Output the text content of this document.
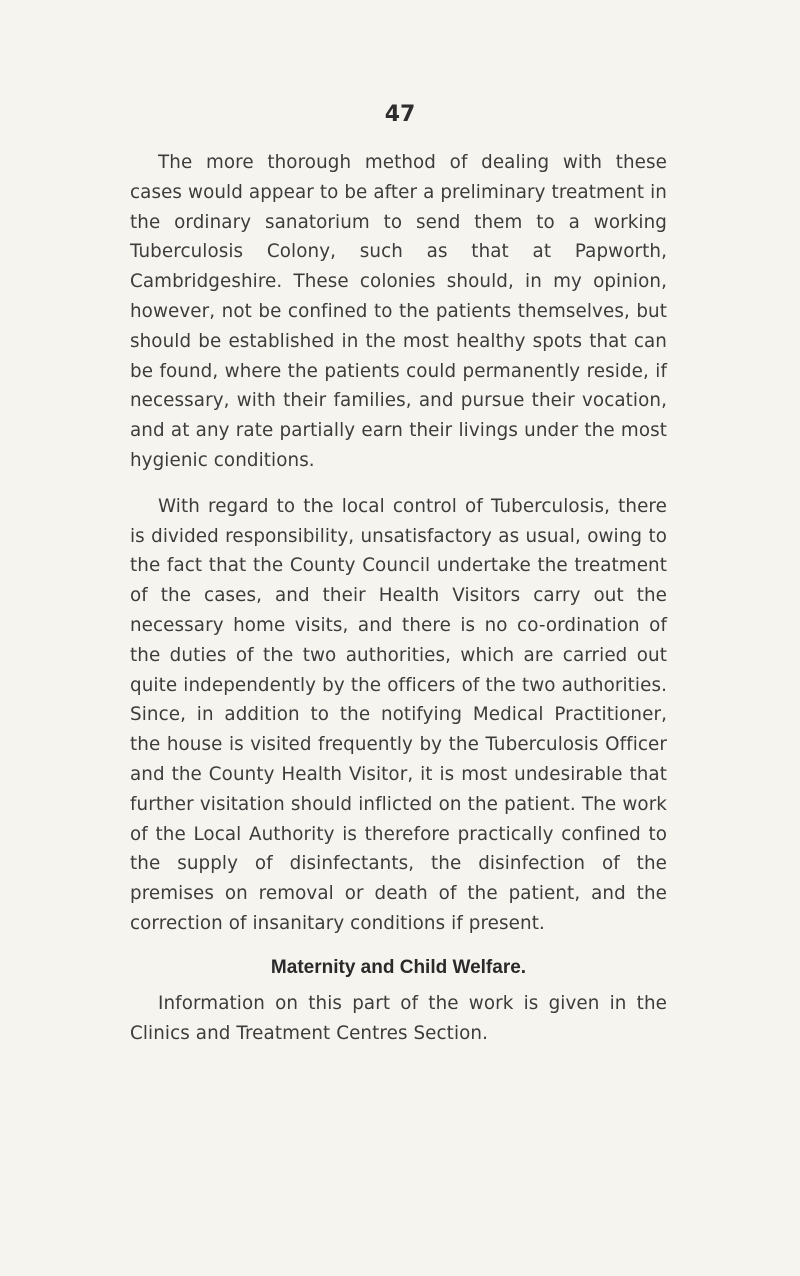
47

The more thorough method of dealing with these cases would appear to be after a preliminary treatment in the ordinary sanatorium to send them to a working Tuberculosis Colony, such as that at Papworth, Cambridgeshire. These colonies should, in my opinion, however, not be confined to the patients themselves, but should be established in the most healthy spots that can be found, where the patients could permanently reside, if necessary, with their families, and pursue their vocation, and at any rate partially earn their livings under the most hygienic conditions.

With regard to the local control of Tuberculosis, there is divided responsibility, unsatisfactory as usual, owing to the fact that the County Council undertake the treatment of the cases, and their Health Visitors carry out the necessary home visits, and there is no co-ordination of the duties of the two authorities, which are carried out quite independently by the officers of the two authorities. Since, in addition to the notifying Medical Practitioner, the house is visited frequently by the Tuberculosis Officer and the County Health Visitor, it is most undesirable that further visitation should inflicted on the patient. The work of the Local Authority is therefore practically confined to the supply of disinfectants, the disinfection of the premises on removal or death of the patient, and the correction of insanitary conditions if present.

Maternity and Child Welfare.

Information on this part of the work is given in the Clinics and Treatment Centres Section.
